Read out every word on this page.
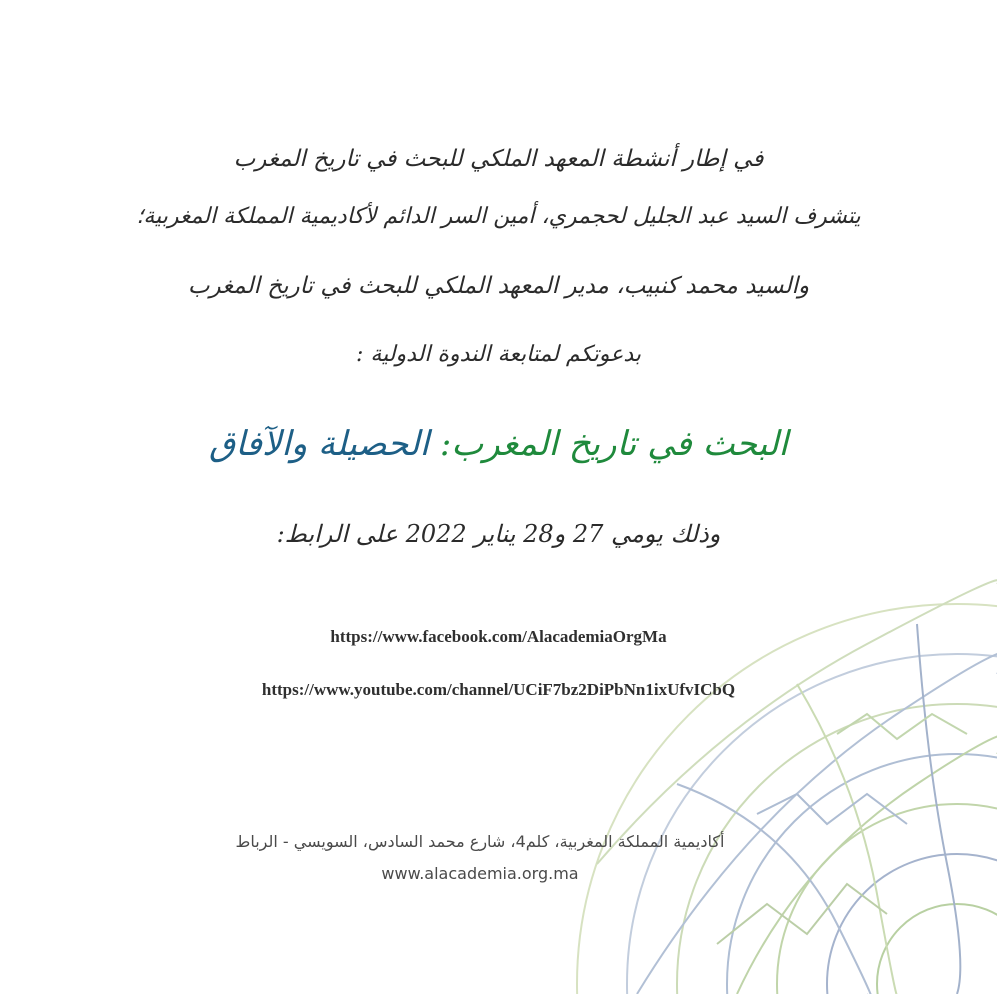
في إطار أنشطة المعهد الملكي للبحث في تاريخ المغرب
يتشرف السيد عبد الجليل لحجمري، أمين السر الدائم لأكاديمية المملكة المغربية؛
والسيد محمد كنبيب، مدير المعهد الملكي للبحث في تاريخ المغرب
بدعوتكم لمتابعة الندوة الدولية :
البحث في تاريخ المغرب: الحصيلة والآفاق
وذلك يومي 27 و28 يناير 2022 على الرابط:
https://www.facebook.com/AlacademiaOrgMa
https://www.youtube.com/channel/UCiF7bz2DiPbNn1ixUfvICbQ
أكاديمية المملكة المغربية، كلم4، شارع محمد السادس، السويسي - الرباط
www.alacademia.org.ma
